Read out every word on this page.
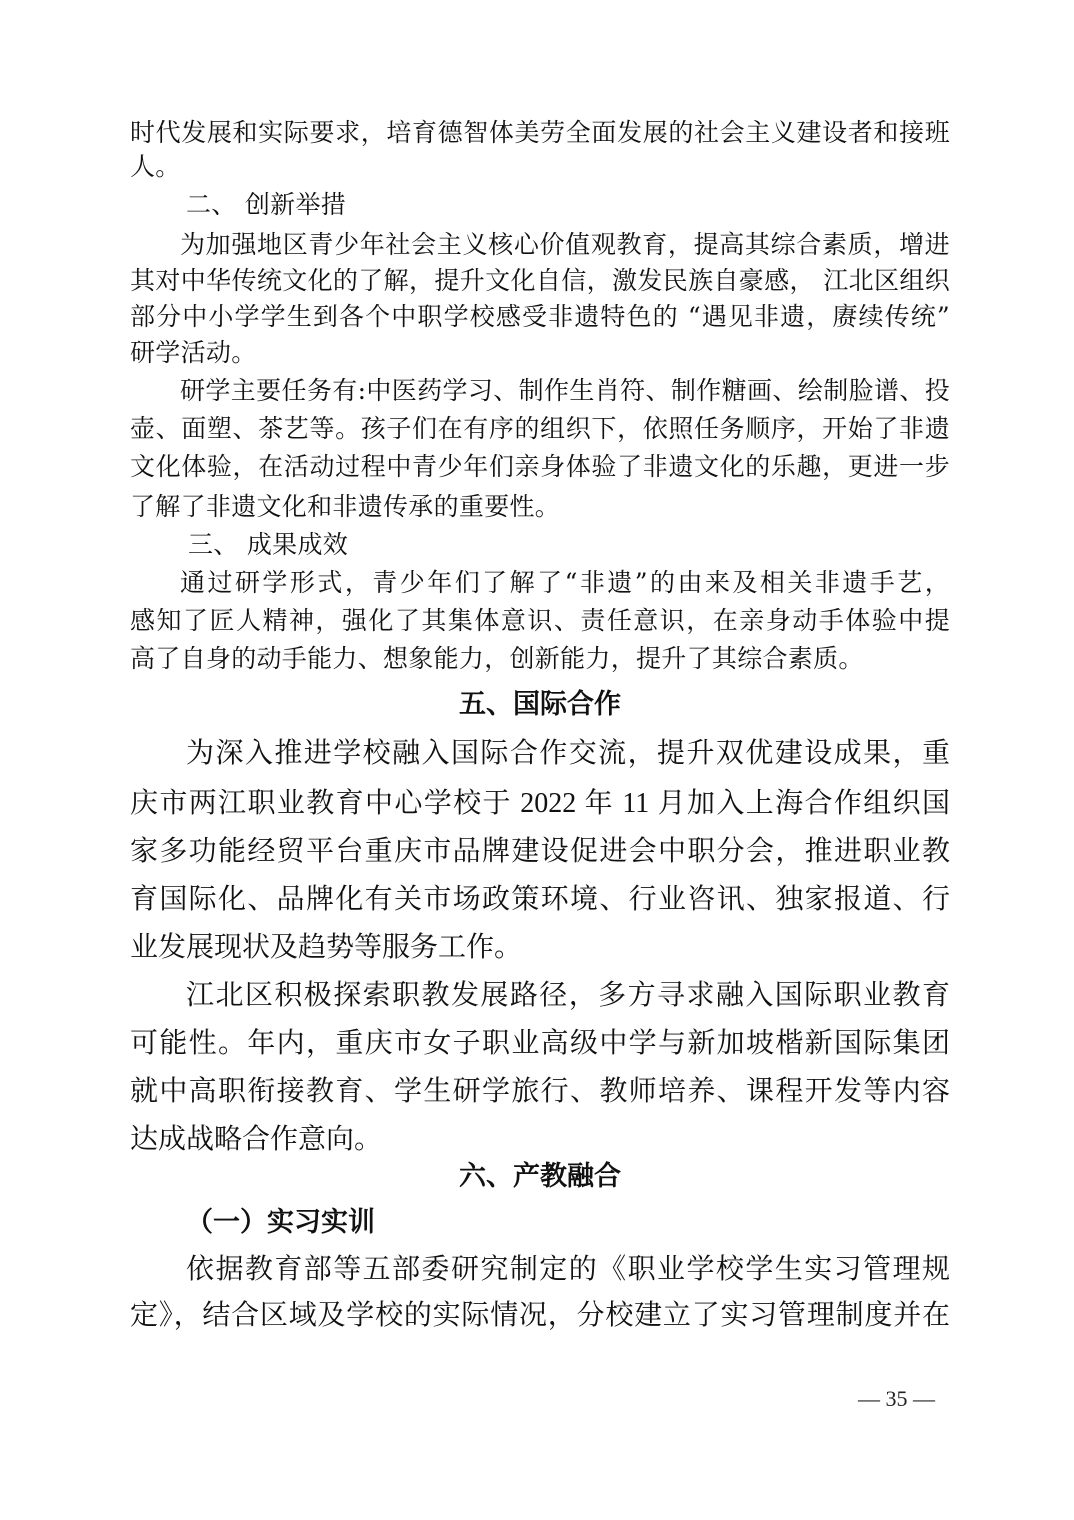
时代发展和实际要求，培育德智体美劳全面发展的社会主义建设者和接班

人。

二、 创新举措

为加强地区青少年社会主义核心价值观教育，提高其综合素质，增进

其对中华传统文化的了解，提升文化自信，激发民族自豪感， 江北区组织

部分中小学学生到各个中职学校感受非遗特色的 “遇见非遗，赓续传统”

研学活动。

研学主要任务有:中医药学习、制作生肖符、制作糖画、绘制脸谱、投

壶、面塑、茶艺等。孩子们在有序的组织下，依照任务顺序，开始了非遗

文化体验，在活动过程中青少年们亲身体验了非遗文化的乐趣，更进一步

了解了非遗文化和非遗传承的重要性。

三、 成果成效

通过研学形式，青少年们了解了“非遗”的由来及相关非遗手艺，

感知了匠人精神，强化了其集体意识、责任意识，在亲身动手体验中提

高了自身的动手能力、想象能力，创新能力，提升了其综合素质。

五、国际合作

为深入推进学校融入国际合作交流，提升双优建设成果，重

庆市两江职业教育中心学校于 2022 年 11 月加入上海合作组织国

家多功能经贸平台重庆市品牌建设促进会中职分会，推进职业教

育国际化、品牌化有关市场政策环境、行业咨讯、独家报道、行

业发展现状及趋势等服务工作。

江北区积极探索职教发展路径，多方寻求融入国际职业教育

可能性。年内，重庆市女子职业高级中学与新加坡楷新国际集团

就中高职衔接教育、学生研学旅行、教师培养、课程开发等内容

达成战略合作意向。

六、产教融合
（一）实习实训

依据教育部等五部委研究制定的《职业学校学生实习管理规

定》，结合区域及学校的实际情况，分校建立了实习管理制度并在

— 35 —
